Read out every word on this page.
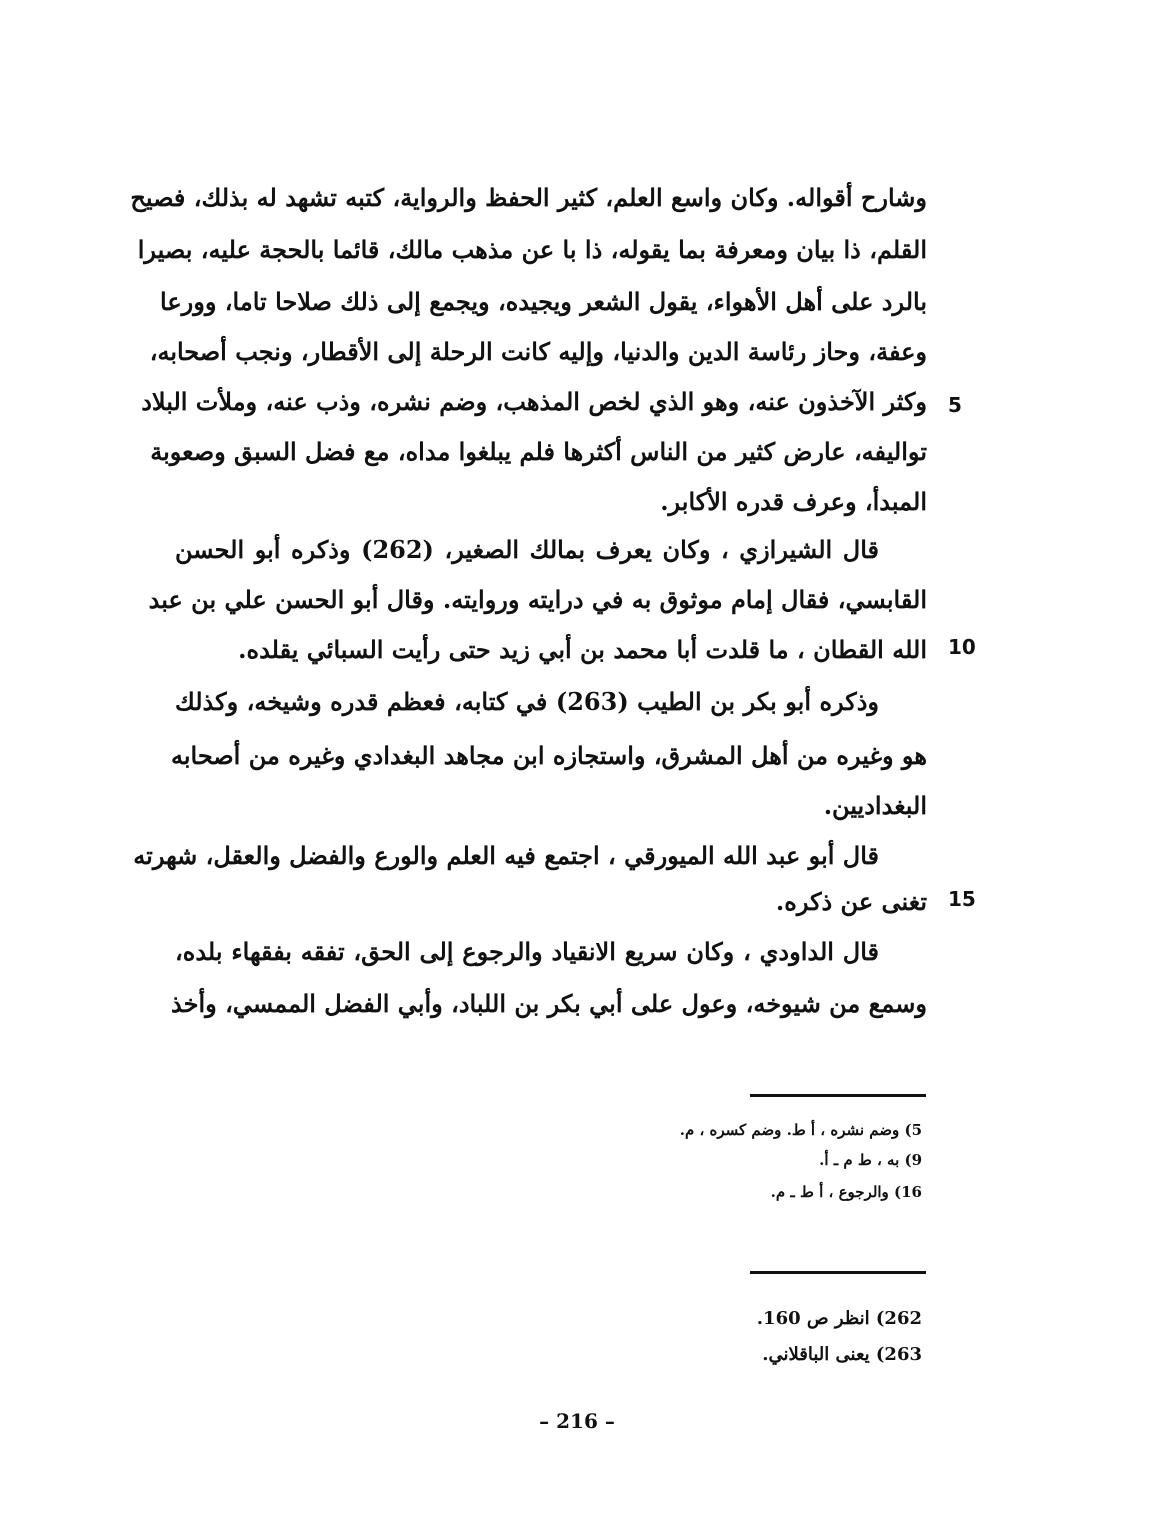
وشارح أقواله. وكان واسع العلم، كثير الحفظ والرواية، كتبه تشهد له بذلك، فصيح
القلم، ذا بيان ومعرفة بما يقوله، ذا با عن مذهب مالك، قائما بالحجة عليه، بصيرا
بالرد على أهل الأهواء، يقول الشعر ويجيده، ويجمع إلى ذلك صلاحا تاما، وورعا
وعفة، وحاز رئاسة الدين والدنيا، وإليه كانت الرحلة إلى الأقطار، ونجب أصحابه،
وكثر الآخذون عنه، وهو الذي لخص المذهب، وضم نشره، وذب عنه، وملأت البلاد
تواليفه، عارض كثير من الناس أكثرها فلم يبلغوا مداه، مع فضل السبق وصعوبة
المبدأ، وعرف قدره الأكابر.
قال الشيرازي ، وكان يعرف بمالك الصغير، (262) وذكره أبو الحسن
القابسي، فقال إمام موثوق به في درايته وروايته. وقال أبو الحسن علي بن عبد
الله القطان ، ما قلدت أبا محمد بن أبي زيد حتى رأيت السبائي يقلده.
وذكره أبو بكر بن الطيب (263) في كتابه، فعظم قدره وشيخه، وكذلك
هو وغيره من أهل المشرق، واستجازه ابن مجاهد البغدادي وغيره من أصحابه
البغداديين.
قال أبو عبد الله الميورقي ، اجتمع فيه العلم والورع والفضل والعقل، شهرته
تغنى عن ذكره.
قال الداودي ، وكان سريع الانقياد والرجوع إلى الحق، تفقه بفقهاء بلده،
وسمع من شيوخه، وعول على أبي بكر بن اللباد، وأبي الفضل الممسي، وأخذ
5
10
15
5) وضم نشره ، أ ط. وضم كسره ، م.
9) به ، ط م ـ أ.
16) والرجوع ، أ ط ـ م.
262) انظر ص 160.
263) يعنى الباقلاني.
– 216 –
